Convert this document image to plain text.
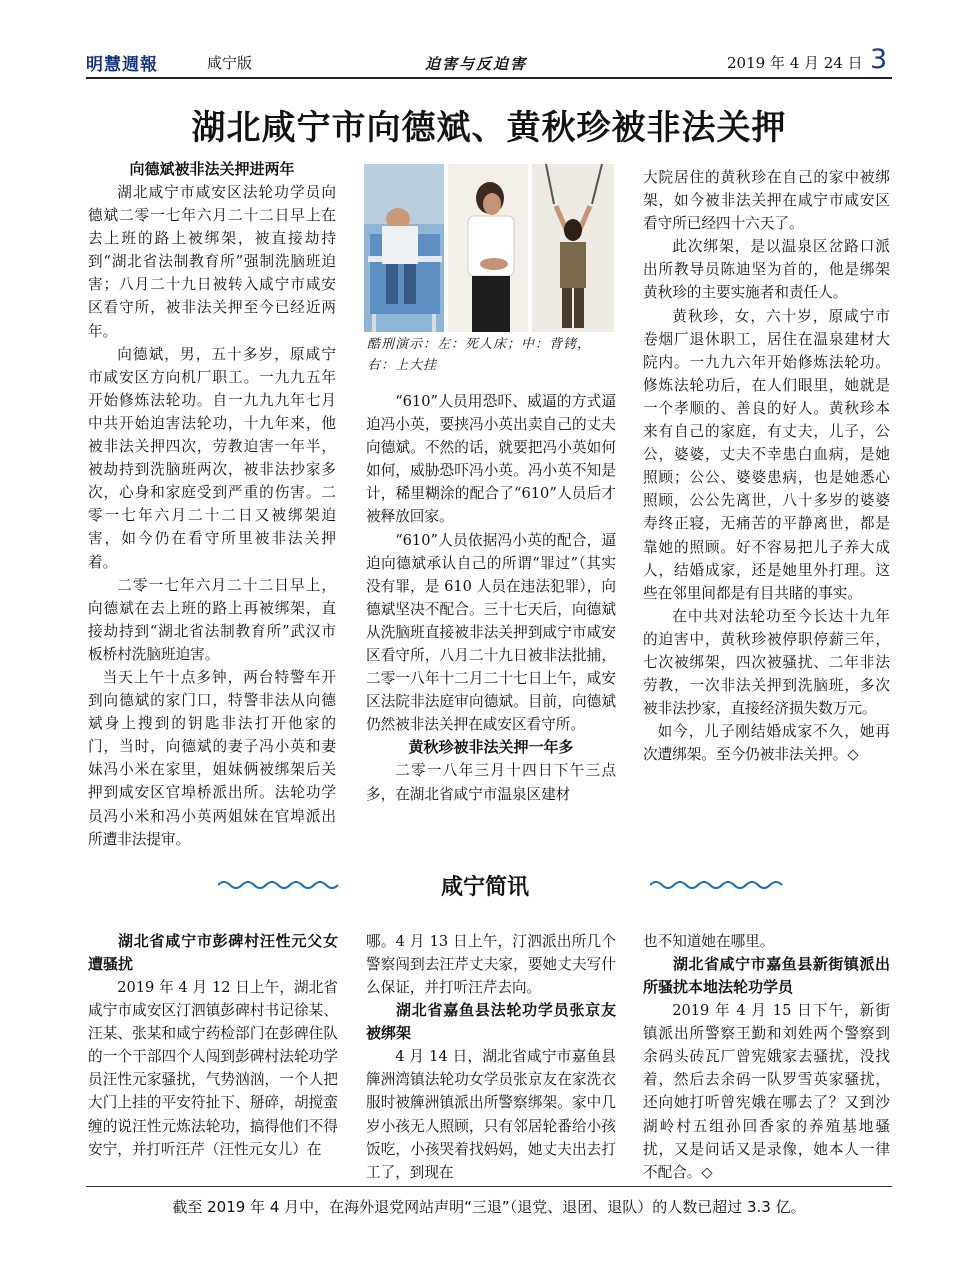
明慧週報	咸宁版	迫害与反迫害	2019 年 4 月 24 日 3
湖北咸宁市向德斌、黄秋珍被非法关押
向德斌被非法关押进两年

湖北咸宁市咸安区法轮功学员向德斌二零一七年六月二十二日早上在去上班的路上被绑架，被直接劫持到“湖北省法制教育所”强制洗脑班迫害；八月二十九日被转入咸宁市咸安区看守所，被非法关押至今已经近两年。

向德斌，男，五十多岁，原咸宁市咸安区方向机厂职工。一九九五年开始修炼法轮功。自一九九九年七月中共开始迫害法轮功，十九年来，他被非法关押四次，劳教迫害一年半，被劫持到洗脑班两次，被非法抄家多次，心身和家庭受到严重的伤害。二零一七年六月二十二日又被绑架迫害，如今仍在看守所里被非法关押着。

二零一七年六月二十二日早上，向德斌在去上班的路上再被绑架，直接劫持到“湖北省法制教育所”武汉市板桥村洗脑班迫害。

当天上午十点多钟，两台特警车开到向德斌的家门口，特警非法从向德斌身上搜到的钥匙非法打开他家的门，当时，向德斌的妻子冯小英和妻妹冯小米在家里，姐妹俩被绑架后关押到咸安区官埠桥派出所。法轮功学员冯小米和冯小英两姐妹在官埠派出所遭非法提审。

酷刑演示：左：死人床；中：背铐，右：上大挂

“610”人员用恐吓、威逼的方式逼迫冯小英，要挟冯小英出卖自己的丈夫向德斌。不然的话，就要把冯小英如何如何，威胁恐吓冯小英。冯小英不知是计，稀里糊涂的配合了“610”人员后才被释放回家。

“610”人员依据冯小英的配合，逼迫向德斌承认自己的所谓“罪过”（其实没有罪，是 610 人员在违法犯罪），向德斌坚决不配合。三十七天后，向德斌从洗脑班直接被非法关押到咸宁市咸安区看守所，八月二十九日被非法批捕，二零一八年十二月二十七日上午，咸安区法院非法庭审向德斌。目前，向德斌仍然被非法关押在咸安区看守所。

黄秋珍被非法关押一年多

二零一八年三月十四日下午三点多，在湖北省咸宁市温泉区建材

大院居住的黄秋珍在自己的家中被绑架，如今被非法关押在咸宁市咸安区看守所已经四十六天了。

此次绑架，是以温泉区岔路口派出所教导员陈迪坚为首的，他是绑架黄秋珍的主要实施者和责任人。

黄秋珍，女，六十岁，原咸宁市卷烟厂退休职工，居住在温泉建材大院内。一九九六年开始修炼法轮功。修炼法轮功后，在人们眼里，她就是一个孝顺的、善良的好人。黄秋珍本来有自己的家庭，有丈夫，儿子，公公，婆婆，丈夫不幸患白血病，是她照顾；公公、婆婆患病，也是她悉心照顾，公公先离世，八十多岁的婆婆寿终正寝，无痛苦的平静离世，都是靠她的照顾。好不容易把儿子养大成人，结婚成家，还是她里外打理。这些在邻里间都是有目共睹的事实。

在中共对法轮功至今长达十九年的迫害中，黄秋珍被停职停薪三年，七次被绑架，四次被骚扰、二年非法劳教，一次非法关押到洗脑班，多次被非法抄家，直接经济损失数万元。

如今，儿子刚结婚成家不久，她再次遭绑架。至今仍被非法关押。◇

咸宁简讯
湖北省咸宁市彭碑村汪性元父女遭骚扰

2019 年 4 月 12 日上午，湖北省咸宁市咸安区汀泗镇彭碑村书记徐某、汪某、张某和咸宁药检部门在彭碑住队的一个干部四个人闯到彭碑村法轮功学员汪性元家骚扰，气势汹汹，一个人把大门上挂的平安符扯下、掰碎，胡搅蛮缠的说汪性元炼法轮功，搞得他们不得安宁，并打听汪芹（汪性元女儿）在

哪。4 月 13 日上午，汀泗派出所几个警察闯到去汪芹丈夫家，要她丈夫写什么保证，并打听汪芹去向。

湖北省嘉鱼县法轮功学员张京友被绑架

4 月 14 日，湖北省咸宁市嘉鱼县簰洲湾镇法轮功女学员张京友在家洗衣服时被簰洲镇派出所警察绑架。家中几岁小孩无人照顾，只有邻居轮番给小孩饭吃，小孩哭着找妈妈，她丈夫出去打工了，到现在

也不知道她在哪里。

湖北省咸宁市嘉鱼县新街镇派出所骚扰本地法轮功学员

2019 年 4 月 15 日下午，新街镇派出所警察王勤和刘姓两个警察到余码头砖瓦厂曾宪娥家去骚扰，没找着，然后去余码一队罗雪英家骚扰，还向她打听曾宪娥在哪去了？又到沙湖岭村五组孙回香家的养殖基地骚扰，又是问话又是录像，她本人一律不配合。◇

截至 2019 年 4 月中，在海外退党网站声明“三退”（退党、退团、退队）的人数已超过 3.3 亿。
